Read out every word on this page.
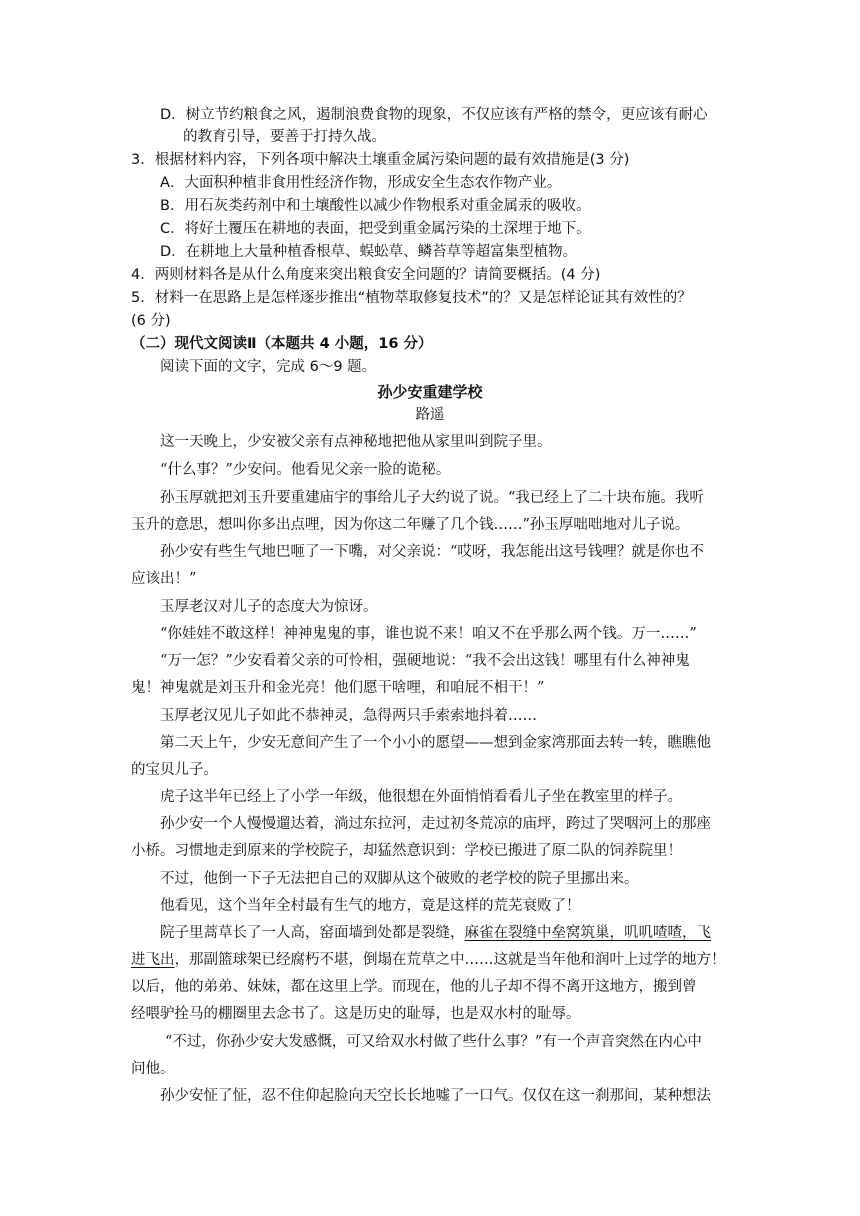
D．树立节约粮食之风，遏制浪费食物的现象，不仅应该有严格的禁令，更应该有耐心
的教育引导，要善于打持久战。
3．根据材料内容，下列各项中解决土壤重金属污染问题的最有效措施是(3 分)
A．大面积种植非食用性经济作物，形成安全生态农作物产业。
B．用石灰类药剂中和土壤酸性以减少作物根系对重金属汞的吸收。
C．将好土覆压在耕地的表面，把受到重金属污染的土深埋于地下。
D．在耕地上大量种植香根草、蜈蚣草、鳞苔草等超富集型植物。
4．两则材料各是从什么角度来突出粮食安全问题的？请简要概括。(4 分)
5．材料一在思路上是怎样逐步推出“植物萃取修复技术”的？又是怎样论证其有效性的？
(6 分)
（二）现代文阅读Ⅱ（本题共 4 小题，16 分）
阅读下面的文字，完成 6～9 题。
孙少安重建学校
路遥
这一天晚上，少安被父亲有点神秘地把他从家里叫到院子里。
“什么事？”少安问。他看见父亲一脸的诡秘。
孙玉厚就把刘玉升要重建庙宇的事给儿子大约说了说。“我已经上了二十块布施。我听
玉升的意思，想叫你多出点哩，因为你这二年赚了几个钱……”孙玉厚咄咄地对儿子说。
孙少安有些生气地巴咂了一下嘴，对父亲说：“哎呀，我怎能出这号钱哩？就是你也不
应该出！”
玉厚老汉对儿子的态度大为惊讶。
“你娃娃不敢这样！神神鬼鬼的事，谁也说不来！咱又不在乎那么两个钱。万一……”
“万一怎？”少安看着父亲的可怜相，强硬地说：“我不会出这钱！哪里有什么神神鬼
鬼！神鬼就是刘玉升和金光亮！他们愿干啥哩，和咱屁不相干！”
玉厚老汉见儿子如此不恭神灵，急得两只手索索地抖着……
第二天上午，少安无意间产生了一个小小的愿望——想到金家湾那面去转一转，瞧瞧他
的宝贝儿子。
虎子这半年已经上了小学一年级，他很想在外面悄悄看看儿子坐在教室里的样子。
孙少安一个人慢慢遛达着，淌过东拉河，走过初冬荒凉的庙坪，跨过了哭咽河上的那座
小桥。习惯地走到原来的学校院子，却猛然意识到：学校已搬进了原二队的饲养院里！
不过，他倒一下子无法把自己的双脚从这个破败的老学校的院子里挪出来。
他看见，这个当年全村最有生气的地方，竟是这样的荒芜衰败了！
院子里蒿草长了一人高，窑面墙到处都是裂缝，麻雀在裂缝中垒窝筑巢，叽叽喳喳，飞
进飞出，那副篮球架已经腐朽不堪，倒塌在荒草之中……这就是当年他和润叶上过学的地方！
以后，他的弟弟、妹妹，都在这里上学。而现在，他的儿子却不得不离开这地方，搬到曾
经喂驴拴马的棚圈里去念书了。这是历史的耻辱，也是双水村的耻辱。
“不过，你孙少安大发感慨，可又给双水村做了些什么事？”有一个声音突然在内心中
问他。
孙少安怔了怔，忍不住仰起脸向天空长长地嘘了一口气。仅仅在这一刹那间，某种想法
